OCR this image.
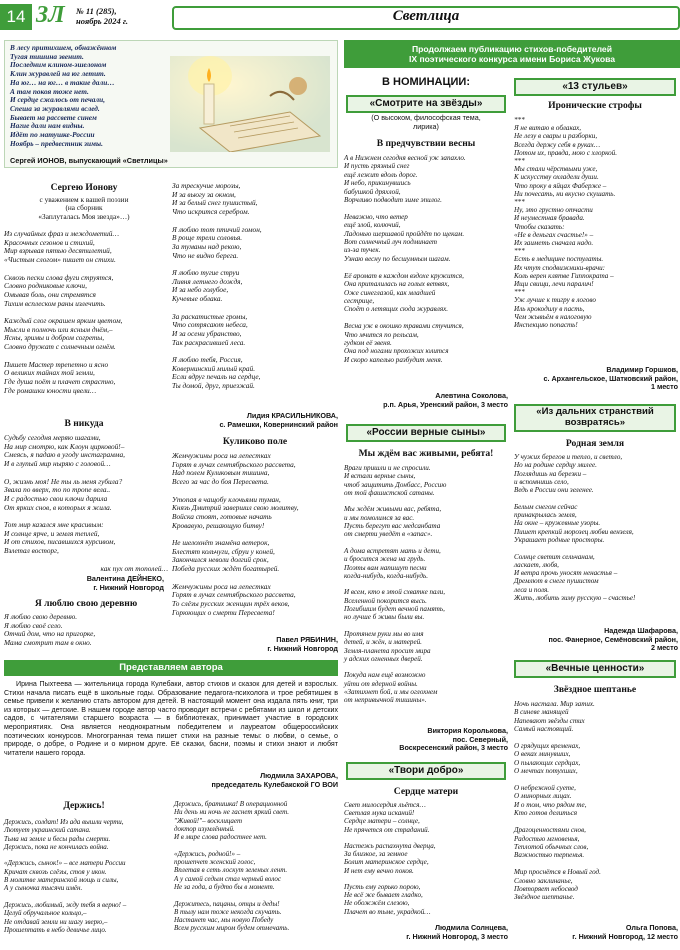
14 ЗЛ № 11 (285),
ноябрь 2024 г.	Светлица
В лесу притихшем, обнажённом
Тугая тишина звенит.
Последним клином-эшелоном
Клин журавлей на юг летит.
На юг… на юг… в такие дали…
А там покоя тоже нет.
И сердце сжалось от печали,
Спеша за журавлями вслед.
Бывает на рассвете синем
Нагие дали нам видны.
Идёт по матушке-России
Ноябрь – предвестник зимы.
Сергей ИОНОВ, выпускающий «Светлицы»
Продолжаем публикацию стихов-победителей
IX поэтического конкурса имени Бориса Жукова
Сергею Ионову
с уважением к вашей поэзии
(на сборник
«Заплуталась Моя звезда»…)
Из случайных фраз и междометий…
Красочных сезонов и стихий,
Мир взрывая пятью десятилетий,
«Чистым слогом» пишет он стихи.

Сквозь пески слова фуги струятся,
Словно родниковые ключи,
Омывая боль, они стремятся
Тихим всплеском раны излечить.

Каждый слог окрашен ярким цветом,
Мысли в полночь или ясным днём,–
Ясны, зримы и добром согреты,
Словно дружат с солнечным огнём.

Пишет Мастер трепетно и ясно
О великих тайнах той земли,
Где душа поёт и плачет страстно,
Где ромашки юности цвели…
В никуда
Судьбу сегодня меряю шагами,
На мир смотрю, как Клоун цирковой!–
Смеясь, я падаю в угоду инстаграмма,
И в глупый мир ныряю с головой…

О, жизнь моя! Не ты ль меня губила?
Звала по вверх, то по тропе вела..
И с радостью свои ключи дарила
От ярких снов, в которых я жила.

Тот мир казался мне красивым:
И солнце ярче, и земля теплей,
И от стихов, писавшихся курсивом,
Взлетал восторг,
как пух от тополей…
Валентина ДЕЙНЕКО,
г. Нижний Новгород
Я люблю свою деревню
Я люблю свою деревню.
Я люблю своё село.
Отчий дом, что на пригорке,
Мама смотрит там в окно.
За трескучие морозы,
И за вьюгу за окном,
И за белый снег пушистый,
Что искрится серебром.

Я люблю тот птичий гомон,
В роще трели соловья.
За туманы над рекою,
Что не видно берега.

Я люблю тугие струи
Ливня летнего дождя,
И за небо голубое,
Кучевые облака.

За раскатистые громы,
Что сотрясают небеса,
И за осени убранство,
Так раскрасившей леса.

Я люблю тебя, Россия,
Ковернинский милый край.
Если вдруг печаль на сердце,
Ты домой, друг, приезжай.
Лидия КРАСИЛЬНИКОВА,
с. Рамешки, Ковернинский район
Куликово поле
Жемчужины роса на лепестках
Горят в лучах сентябрьского рассвета,
Над полем Куликовым тишина,
Всего за час до боя Пересвета.

Утопая в чащобу клочьями туман,
Князь Дмитрий завершил свою молитву,
Войска стоят, готовые начать
Кровавую, решающую битву!

Не шелохнёт знамёна ветерок,
Блестят кольчуги, сбруи у коней,
Закончился неволи долгий срок,
Победа русских ждёт богатырей.

Жемчужины роса на лепестках
Горят в лучах сентябрьского рассвета,
То слёзы русских женщин трёх веков,
Горюющих о смерти Пересвета!
Павел РЯБИНИН,
г. Нижний Новгород
Представляем автора
Ирина Пыхтеева — жительница города Кулебаки, автор стихов и сказок для детей и взрослых. Стихи начала писать ещё в школьные годы. Образование педагога-психолога и трое ребятишек в семье привели к желанию стать автором для детей. В настоящий момент она издала пять книг, три из которых — детские. В нашем городе автор часто проводит встречи с ребятами из школ и детских садов, с читателями старшего возраста — в библиотеках, принимает участие в городских мероприятиях. Она является неоднократным победителем и лауреатом общероссийских поэтических конкурсов. Многогранная тема пишет стихи на разные темы: о любви, о семье, о природе, о добре, о Родине и о мирном друге. Её сказки, басни, поэмы и стихи знают и любят читатели нашего города.
Людмила ЗАХАРОВА,
председатель Кулебакской ГО ВОИ
Держись!
Держись, солдат! Из ада вышли черти,
Лютует украинский сатана.
Тьма на земле и бесы рады смерти.
Держись, пока не кончилась война.

«Держись, сынок!» – все матери России
Кричат сквозь слёзы, стоя у икон.
В молитве материнской мощь и силы,
А у сыночка тысячи имён.

Держись, любимый, жду тебя я верно! –
Целуй обручальное кольцо,–
Не отдавай земли ни шагу зверю,–
Прошептать в небо девичье лицо.
Держись, братишка! В операционной
Ни день ни ночь не гаснет яркий свет.
"Живой!"– восклицает
доктор изумлённый.
И в мире слова радостнее нет.

«Держись, родной!» –
прошепчет женский голос,
Вплетая в сеть лоскут зеленых лент.
А у самой седым стал черный волос
Не за года, а будто бы в момент.

Держитесь, пацаны, отцы и деды!
В тылу нам тоже некогда скучать.
Настанет час, мы новую Победу
Всем русским миром будем отмечать.
В НОМИНАЦИИ:
«Смотрите на звёзды»
(О высоком, философская тема,
лирика)
В предчувствии весны
А в Нижнем сегодня весной уж запахло.
И пусть грязный снег
ещё лежит вдоль дорог.
И небо, прикинувшись
бабушкой дряхлой,
Ворчливо подводит зиме эпилог.

Неважно, что ветер
ещё злой, колючий,
Ладонью шершавой пройдёт по щекам.
Вот солнечный луч подминает
из-за тучек.
Узнаю весну по бесшумным шагам.

Её аромат в каждом вздохе кружится,
Она приталилась на голых ветвях,
Оже синеглазой, как младшей
сестрице,
Споёт о летящих сюда журавлях.

Весна уж в окошко травами стучится,
Что мчится по рельсам,
гудком её звеня.
Она под ногами прохожих юлится
И скоро капелью разбудит меня.
Алевтина Соколова,
р.п. Арья, Уренский район, 3 место
«России верные сыны»
Мы ждём вас живыми, ребята!
Враги пришли и не спросили.
И встали верные сыны,
чтоб защитить Донбасс, Россию
от той фашистской сатаны.

Мы ждём живыми вас, ребята,
и мы помолимся за вас.
Пусть берегут вас медсанбата
от смерти уведёт в «запас».

А дома встретят мать и дети,
и бросится жена на грудь.
Поэты вам напишут песни
когда-нибудь, когда-нибудь.

И всем, кто в этой схватке пали,
Вселенной покорится высь.
Погибшим будет вечной память,
но лучше б живы были вы.

Протянем руки мы во имя
детей, и жён, и матерей.
Земля-планета просит мира
у адских огненных дверей.

Покуда нам ещё возможно
уйти от ядерной войны.
«Затихнет бой, и мы оглохнем
от непривычной тишины».
Виктория Королькова,
пос. Северный,
Воскресенский район, 3 место
«Твори добро»
Сердце матери
Свет милосердия льётся…
Светлая мука исканий!
Сердце матери – солнце,
Не прячется от страданий.

Настежь распахнута дверца,
За близкое, за земное
Болит материнское сердце,
И нет ему вечно покоя.

Пусть ему горько порою,
Не всё же бывает гладко,
Не обожжём слезою,
Плачет во тьме, украдкой…
Людмила Солнцева,
г. Нижний Новгород, 3 место
«13 стульев»
Иронические строфы
***
Я не витаю в облаках,
Не лезу в свары и разборки,
Всегда держу себя в руках…
Потом их, правда, мою с хлоркой.
***
Мы стали чёрствыми уже,
К искусству охладели души.
Что проку в яйцах Фаберже –
Ни почесать, ни вкусно скушать.
***
Ну, это грустно отчасти
И неуместная бравада.
Чтобы сказать:
«Не в деньгах счастье!» –
Их заиметь сначала надо.
***
Есть в медицине постулаты.
Их чтут сподвижники-врачи:
Коль верен клятве Гиппократа –
Ищи свищи, лечи паралич!
***
Уж лучше к тигру в логово
Иль крокодилу в пасть,
Чем жывьём в налоговую
Инспекцию попасть!
Владимир Горшков,
с. Архангельское, Шатковский район,
1 место
«Из дальних странствий
возвратясь»
Родная земля
У чужих берегов и тепло, и светло,
Но на родине сердцу милее.
Поглядишь на березки –
и вспомнишь село,
Ведь в России они зеленее.

Белым снегом сейчас
принакрылась земля,
На окне – кружевные узоры.
Пишет крепкий морозец любви вензеля,
Украшает родные просторы.

Солнце светит сельчанам,
ласкает, любя,
И ветра прочь уносят ненастья –
Дремлют в снеге пушистом
леса и поля.
Жить, любить зиму русскую – счастье!
Надежда Шафарова,
пос. Фанерное, Семёновский район,
2 место
«Вечные ценности»
Звёздное шептанье
Ночь настала. Мир затих.
В синеве манящей
Напевают звёзды стих
Самый настоящий.

О грядущих временах,
О веках минувших,
О пылающих сердцах,
О мечтах потухших,

О небрежной суете,
О минорных лицах.
И о том, что рядом те,
Кто готов делиться

Драгоценностями снов,
Радостью мгновенья,
Теплотой обычных слов,
Важностью терпенья.

Мир проснётся в Новый год.
Словно заклинанье,
Повторяет небосвод
Звёздное шептанье.
Ольга Попова,
г. Нижний Новгород, 12 место
